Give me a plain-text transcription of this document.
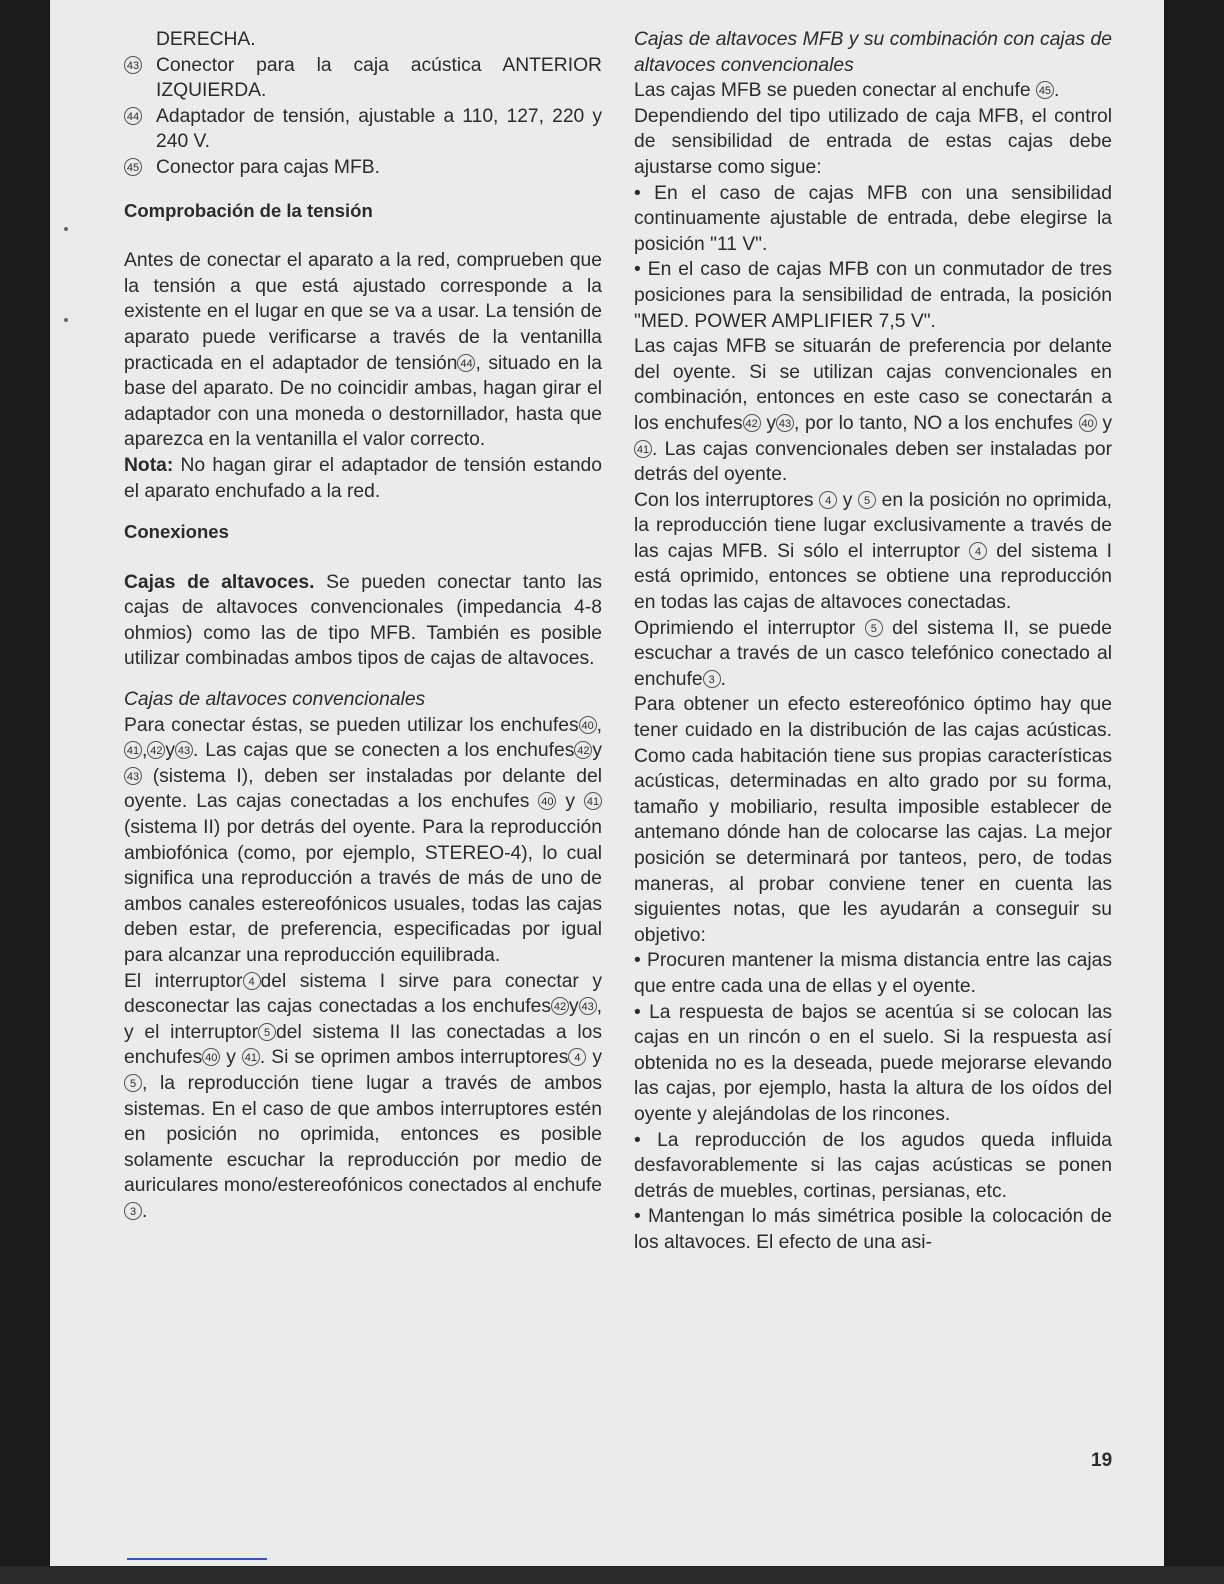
DERECHA.

43 Conector para la caja acústica ANTERIOR IZQUIERDA.
44 Adaptador de tensión, ajustable a 110, 127, 220 y 240 V.
45 Conector para cajas MFB.

Comprobación de la tensión

Antes de conectar el aparato a la red, comprueben que la tensión a que está ajustado corresponde a la existente en el lugar en que se va a usar. La tensión de aparato puede verificarse a través de la ventanilla practicada en el adaptador de tensión 44 , situado en la base del aparato. De no coincidir ambas, hagan girar el adaptador con una moneda o destornillador, hasta que aparezca en la ventanilla el valor correcto.

Nota: No hagan girar el adaptador de tensión estando el aparato enchufado a la red.

Conexiones

Cajas de altavoces. Se pueden conectar tanto las cajas de altavoces convencionales (impedancia 4-8 ohmios) como las de tipo MFB. También es posible utilizar combinadas ambos tipos de cajas de altavoces.

Cajas de altavoces convencionales

Para conectar éstas, se pueden utilizar los enchufes 40 ,41 , 42 y 43 . Las cajas que se conecten a los enchufes 42 y43 (sistema I), deben ser instaladas por delante del oyente. Las cajas conectadas a los enchufes 40 y 41 (sistema II) por detrás del oyente. Para la reproducción ambiofónica (como, por ejemplo, STEREO-4), lo cual significa una reproducción a través de más de uno de ambos canales estereofónicos usuales, todas las cajas deben estar, de preferencia, especificadas por igual para alcanzar una reproducción equilibrada.

El interruptor 4 del sistema I sirve para conectar y desconectar las cajas conectadas a los enchufes 42 y 43 , y el interruptor 5 del sistema II las conectadas a los enchufes 40 y 41 . Si se oprimen ambos interruptores 4 y 5 , la reproducción tiene lugar a través de ambos sistemas. En el caso de que ambos interruptores estén en posición no oprimida, entonces es posible solamente escuchar la reproducción por medio de auriculares mono/estereofónicos conectados al enchufe3 .

Cajas de altavoces MFB y su combinación con cajas de altavoces convencionales

Las cajas MFB se pueden conectar al enchufe 45 .

Dependiendo del tipo utilizado de caja MFB, el control de sensibilidad de entrada de estas cajas debe ajustarse como sigue:

• En el caso de cajas MFB con una sensibilidad continuamente ajustable de entrada, debe elegirse la posición "11 V".

• En el caso de cajas MFB con un conmutador de tres posiciones para la sensibilidad de entrada, la posición "MED. POWER AMPLIFIER 7,5 V".

Las cajas MFB se situarán de preferencia por delante del oyente. Si se utilizan cajas convencionales en combinación, entonces en este caso se conectarán a los enchufes 42 y 43 , por lo tanto, NO a los enchufes 40 y 41 . Las cajas convencionales deben ser instaladas por detrás del oyente.

Con los interruptores 4 y 5 en la posición no oprimida, la reproducción tiene lugar exclusivamente a través de las cajas MFB. Si sólo el interruptor 4 del sistema I está oprimido, entonces se obtiene una reproducción en todas las cajas de altavoces conectadas.

Oprimiendo el interruptor 5 del sistema II, se puede escuchar a través de un casco telefónico conectado al enchufe 3 .

Para obtener un efecto estereofónico óptimo hay que tener cuidado en la distribución de las cajas acústicas. Como cada habitación tiene sus propias características acústicas, determinadas en alto grado por su forma, tamaño y mobiliario, resulta imposible establecer de antemano dónde han de colocarse las cajas. La mejor posición se determinará por tanteos, pero, de todas maneras, al probar conviene tener en cuenta las siguientes notas, que les ayudarán a conseguir su objetivo:

• Procuren mantener la misma distancia entre las cajas que entre cada una de ellas y el oyente.

• La respuesta de bajos se acentúa si se colocan las cajas en un rincón o en el suelo. Si la respuesta así obtenida no es la deseada, puede mejorarse elevando las cajas, por ejemplo, hasta la altura de los oídos del oyente y alejándolas de los rincones.

• La reproducción de los agudos queda influida desfavorablemente si las cajas acústicas se ponen detrás de muebles, cortinas, persianas, etc.

• Mantengan lo más simétrica posible la colocación de los altavoces. El efecto de una asi-

19
